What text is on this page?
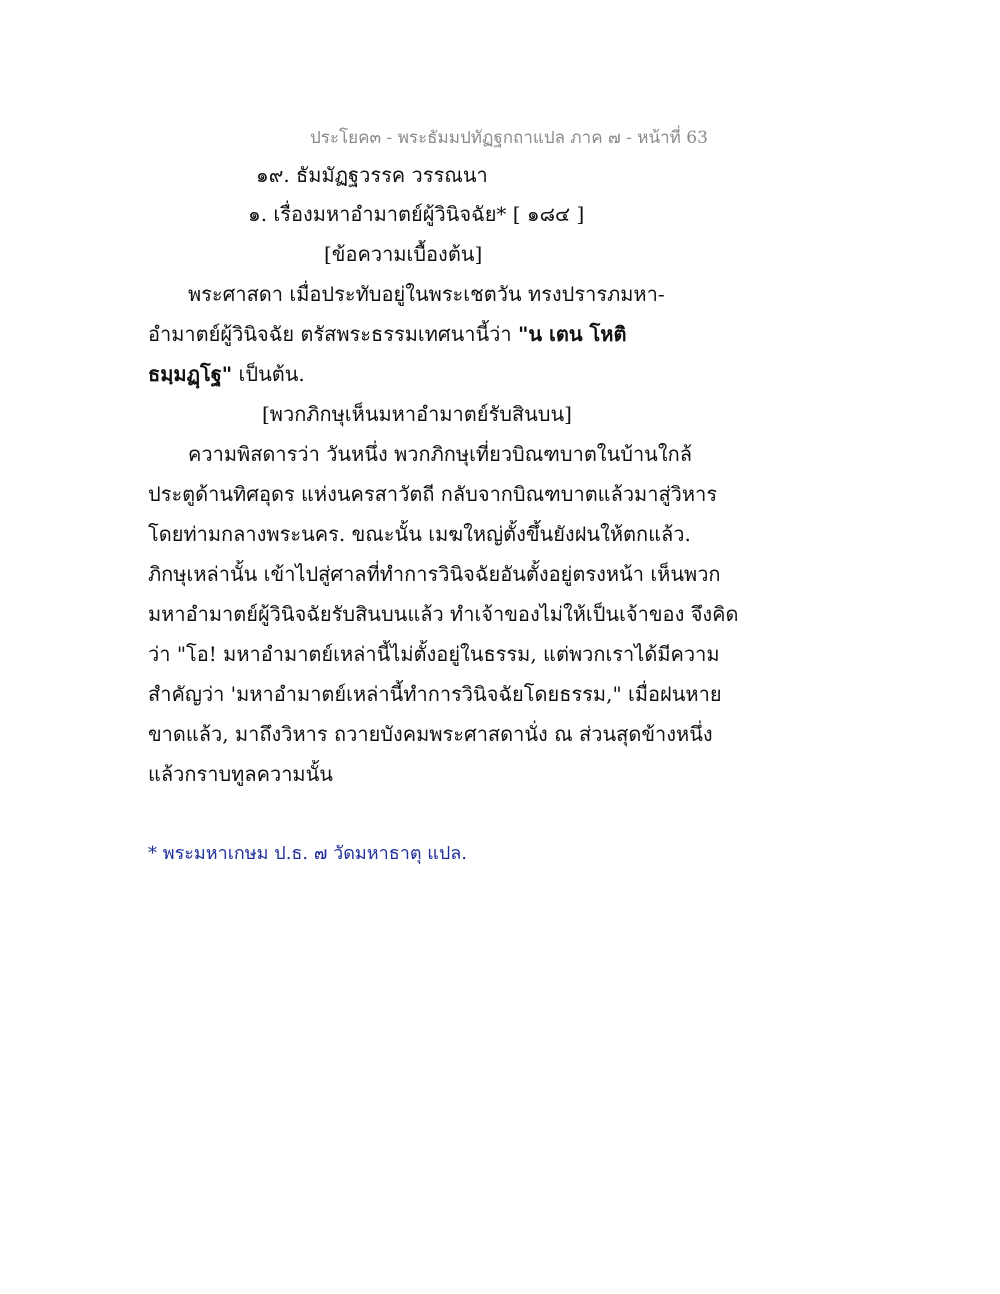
ประโยค๓ - พระธัมมปทัฏฐกถาแปล ภาค ๗ - หน้าที่ 63
๑๙. ธัมมัฏฐวรรค วรรณนา
๑. เรื่องมหาอำมาตย์ผู้วินิจฉัย* [ ๑๘๔ ]
[ข้อความเบื้องต้น]
พระศาสดา เมื่อประทับอยู่ในพระเชตวัน ทรงปรารภมหา-
อำมาตย์ผู้วินิจฉัย ตรัสพระธรรมเทศนานี้ว่า "น เตน โหติ
ธมฺมฏฺโฐ" เป็นต้น.
[พวกภิกษุเห็นมหาอำมาตย์รับสินบน]
ความพิสดารว่า วันหนึ่ง พวกภิกษุเที่ยวบิณฑบาตในบ้านใกล้
ประตูด้านทิศอุดร แห่งนครสาวัตถี กลับจากบิณฑบาตแล้วมาสู่วิหาร
โดยท่ามกลางพระนคร. ขณะนั้น เมฆใหญ่ตั้งขึ้นยังฝนให้ตกแล้ว.
ภิกษุเหล่านั้น เข้าไปสู่ศาลที่ทำการวินิจฉัยอันตั้งอยู่ตรงหน้า เห็นพวก
มหาอำมาตย์ผู้วินิจฉัยรับสินบนแล้ว ทำเจ้าของไม่ให้เป็นเจ้าของ จึงคิด
ว่า "โอ! มหาอำมาตย์เหล่านี้ไม่ตั้งอยู่ในธรรม, แต่พวกเราได้มีความ
สำคัญว่า 'มหาอำมาตย์เหล่านี้ทำการวินิจฉัยโดยธรรม," เมื่อฝนหาย
ขาดแล้ว, มาถึงวิหาร ถวายบังคมพระศาสดานั่ง ณ ส่วนสุดข้างหนึ่ง
แล้วกราบทูลความนั้น
* พระมหาเกษม ป.ธ. ๗ วัดมหาธาตุ แปล.
